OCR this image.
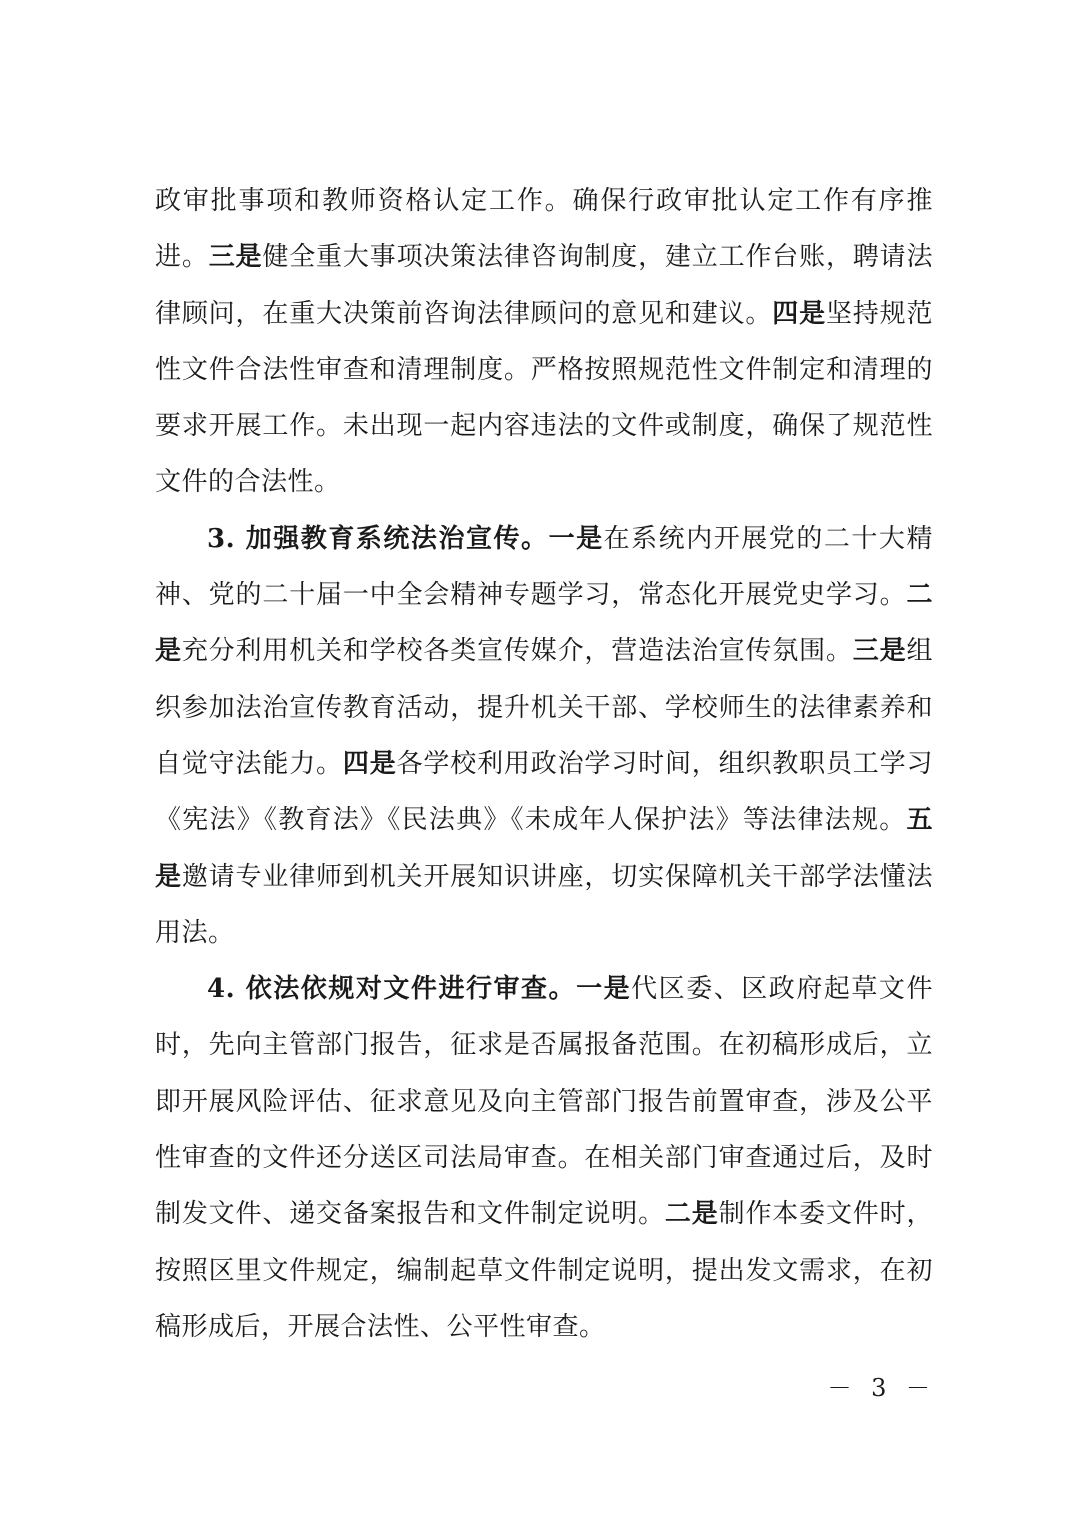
政审批事项和教师资格认定工作。确保行政审批认定工作有序推进。三是健全重大事项决策法律咨询制度，建立工作台账，聘请法律顾问，在重大决策前咨询法律顾问的意见和建议。四是坚持规范性文件合法性审查和清理制度。严格按照规范性文件制定和清理的要求开展工作。未出现一起内容违法的文件或制度，确保了规范性文件的合法性。

3. 加强教育系统法治宣传。一是在系统内开展党的二十大精神、党的二十届一中全会精神专题学习，常态化开展党史学习。二是充分利用机关和学校各类宣传媒介，营造法治宣传氛围。三是组织参加法治宣传教育活动，提升机关干部、学校师生的法律素养和自觉守法能力。四是各学校利用政治学习时间，组织教职员工学习《宪法》《教育法》《民法典》《未成年人保护法》等法律法规。五是邀请专业律师到机关开展知识讲座，切实保障机关干部学法懂法用法。

4. 依法依规对文件进行审查。一是代区委、区政府起草文件时，先向主管部门报告，征求是否属报备范围。在初稿形成后，立即开展风险评估、征求意见及向主管部门报告前置审查，涉及公平性审查的文件还分送区司法局审查。在相关部门审查通过后，及时制发文件、递交备案报告和文件制定说明。二是制作本委文件时，按照区里文件规定，编制起草文件制定说明，提出发文需求，在初稿形成后，开展合法性、公平性审查。

－ 3 －
